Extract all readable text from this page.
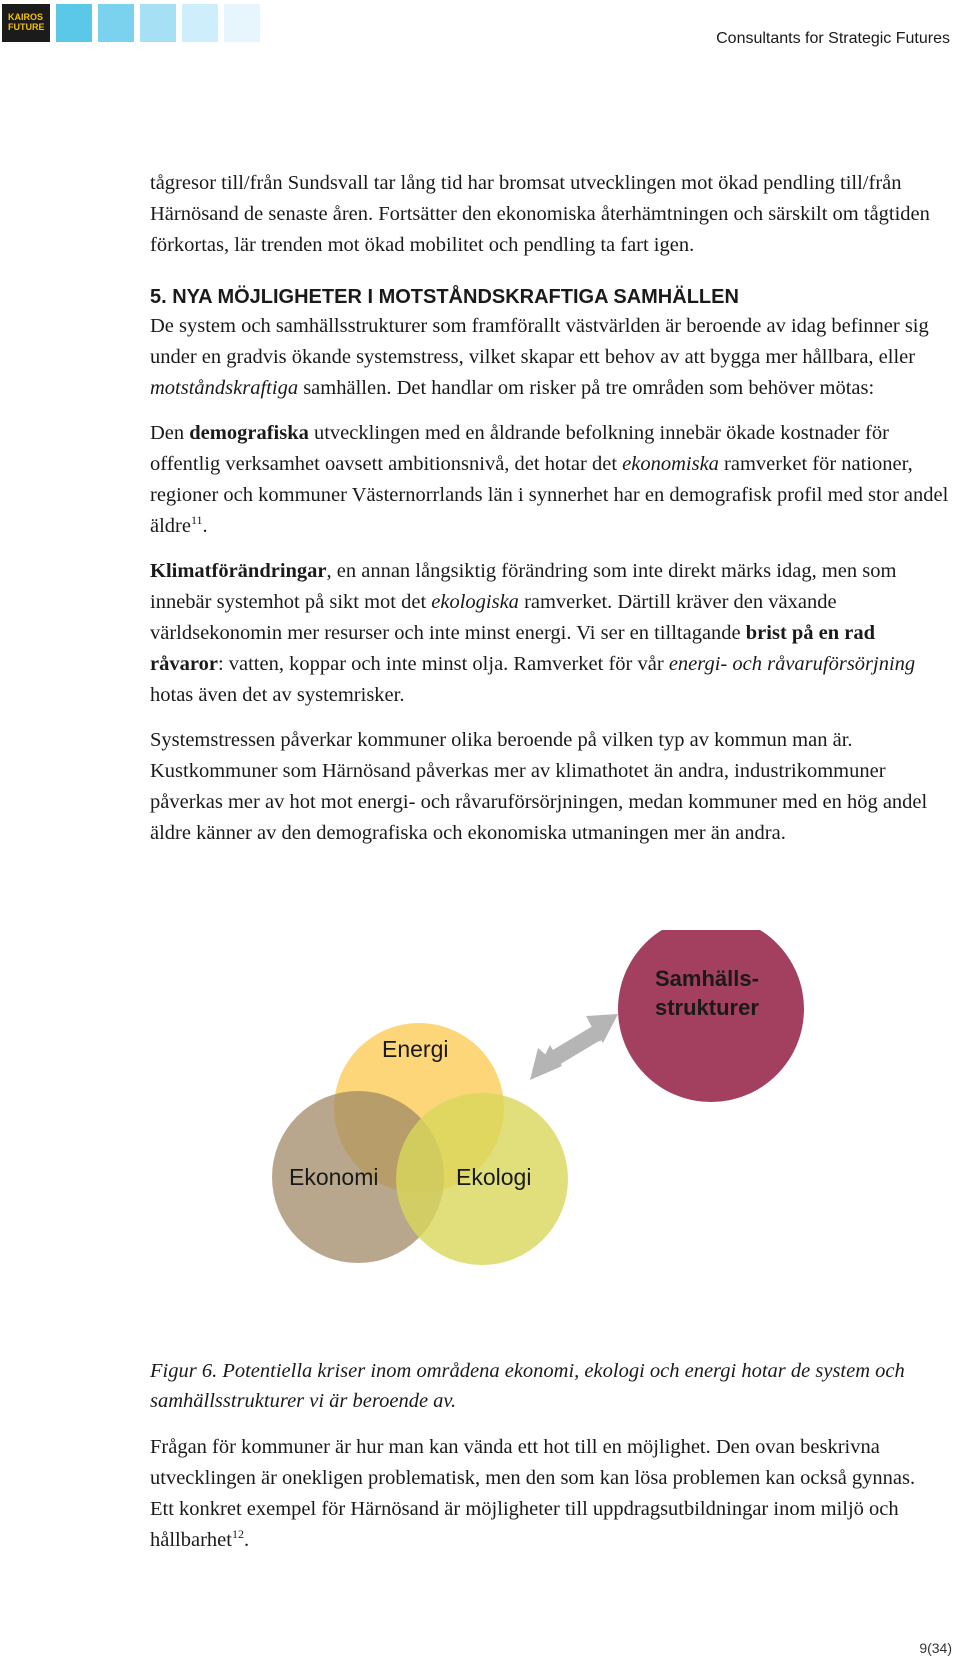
KAIROS FUTURE
Consultants for Strategic Futures

tågresor till/från Sundsvall tar lång tid har bromsat utvecklingen mot ökad pendling till/från Härnösand de senaste åren. Fortsätter den ekonomiska återhämtningen och särskilt om tågtiden förkortas, lär trenden mot ökad mobilitet och pendling ta fart igen.

5. NYA MÖJLIGHETER I MOTSTÅNDSKRAFTIGA SAMHÄLLEN

De system och samhällsstrukturer som framförallt västvärlden är beroende av idag befinner sig under en gradvis ökande systemstress, vilket skapar ett behov av att bygga mer hållbara, eller motståndskraftiga samhällen. Det handlar om risker på tre områden som behöver mötas:

Den demografiska utvecklingen med en åldrande befolkning innebär ökade kostnader för offentlig verksamhet oavsett ambitionsnivå, det hotar det ekonomiska ramverket för nationer, regioner och kommuner Västernorrlands län i synnerhet har en demografisk profil med stor andel äldre$^{11}$.

Klimatförändringar, en annan långsiktig förändring som inte direkt märks idag, men som innebär systemhot på sikt mot det ekologiska ramverket. Därtill kräver den växande världsekonomin mer resurser och inte minst energi. Vi ser en tilltagande brist på en rad råvaror: vatten, koppar och inte minst olja. Ramverket för vår energi- och råvaruförsörjning hotas även det av systemrisker.

Systemstressen påverkar kommuner olika beroende på vilken typ av kommun man är. Kustkommuner som Härnösand påverkas mer av klimathotet än andra, industrikommuner påverkas mer av hot mot energi- och råvaruförsörjningen, medan kommuner med en hög andel äldre känner av den demografiska och ekonomiska utmaningen mer än andra.

Energi
Ekonomi	Ekologi
Samhälls-
strukturer

Figur 6. Potentiella kriser inom områdena ekonomi, ekologi och energi hotar de system och samhällsstrukturer vi är beroende av.

Frågan för kommuner är hur man kan vända ett hot till en möjlighet. Den ovan beskrivna utvecklingen är onekligen problematisk, men den som kan lösa problemen kan också gynnas. Ett konkret exempel för Härnösand är möjligheter till uppdragsutbildningar inom miljö och hållbarhet$^{12}$.

9(34)
